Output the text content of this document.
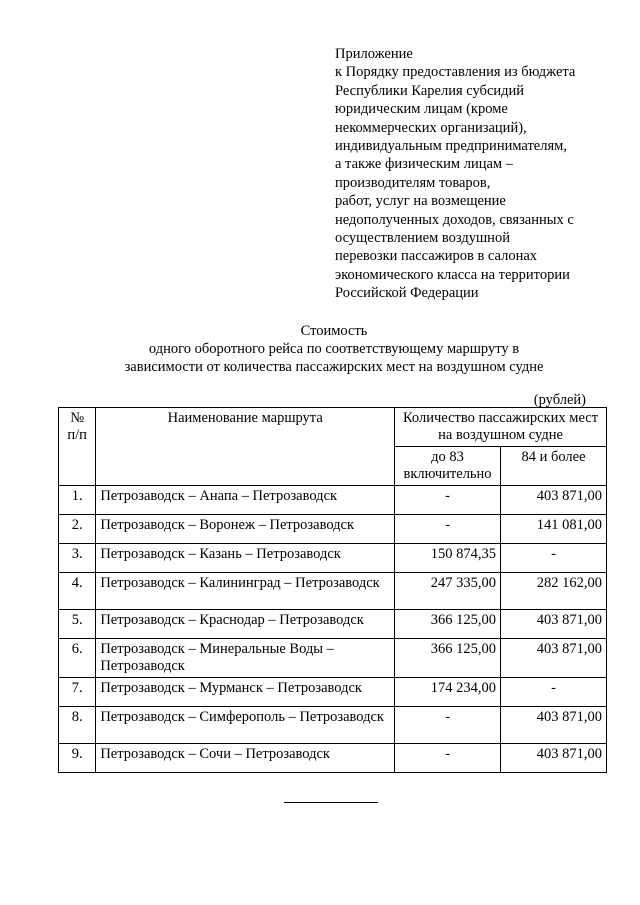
Приложение
к Порядку предоставления из бюджета
Республики Карелия субсидий
юридическим лицам (кроме
некоммерческих организаций),
индивидуальным предпринимателям,
а также физическим лицам –
производителям товаров,
работ, услуг на возмещение
недополученных доходов, связанных с
осуществлением воздушной
перевозки пассажиров в салонах
экономического класса на территории
Российской Федерации
Стоимость
одного оборотного рейса по соответствующему маршруту в
зависимости от количества пассажирских мест на воздушном судне
(рублей)
№ п/п	Наименование маршрута	Количество пассажирских мест на воздушном судне	
		до 83 включительно	84 и более
1.	Петрозаводск – Анапа – Петрозаводск	-	403 871,00
2.	Петрозаводск – Воронеж – Петрозаводск	-	141 081,00
3.	Петрозаводск – Казань – Петрозаводск	150 874,35	-
4.	Петрозаводск – Калининград – Петрозаводск	247 335,00	282 162,00
5.	Петрозаводск – Краснодар – Петрозаводск	366 125,00	403 871,00
6.	Петрозаводск – Минеральные Воды – Петрозаводск	366 125,00	403 871,00
7.	Петрозаводск – Мурманск – Петрозаводск	174 234,00	-
8.	Петрозаводск – Симферополь – Петрозаводск	-	403 871,00
9.	Петрозаводск – Сочи – Петрозаводск	-	403 871,00
